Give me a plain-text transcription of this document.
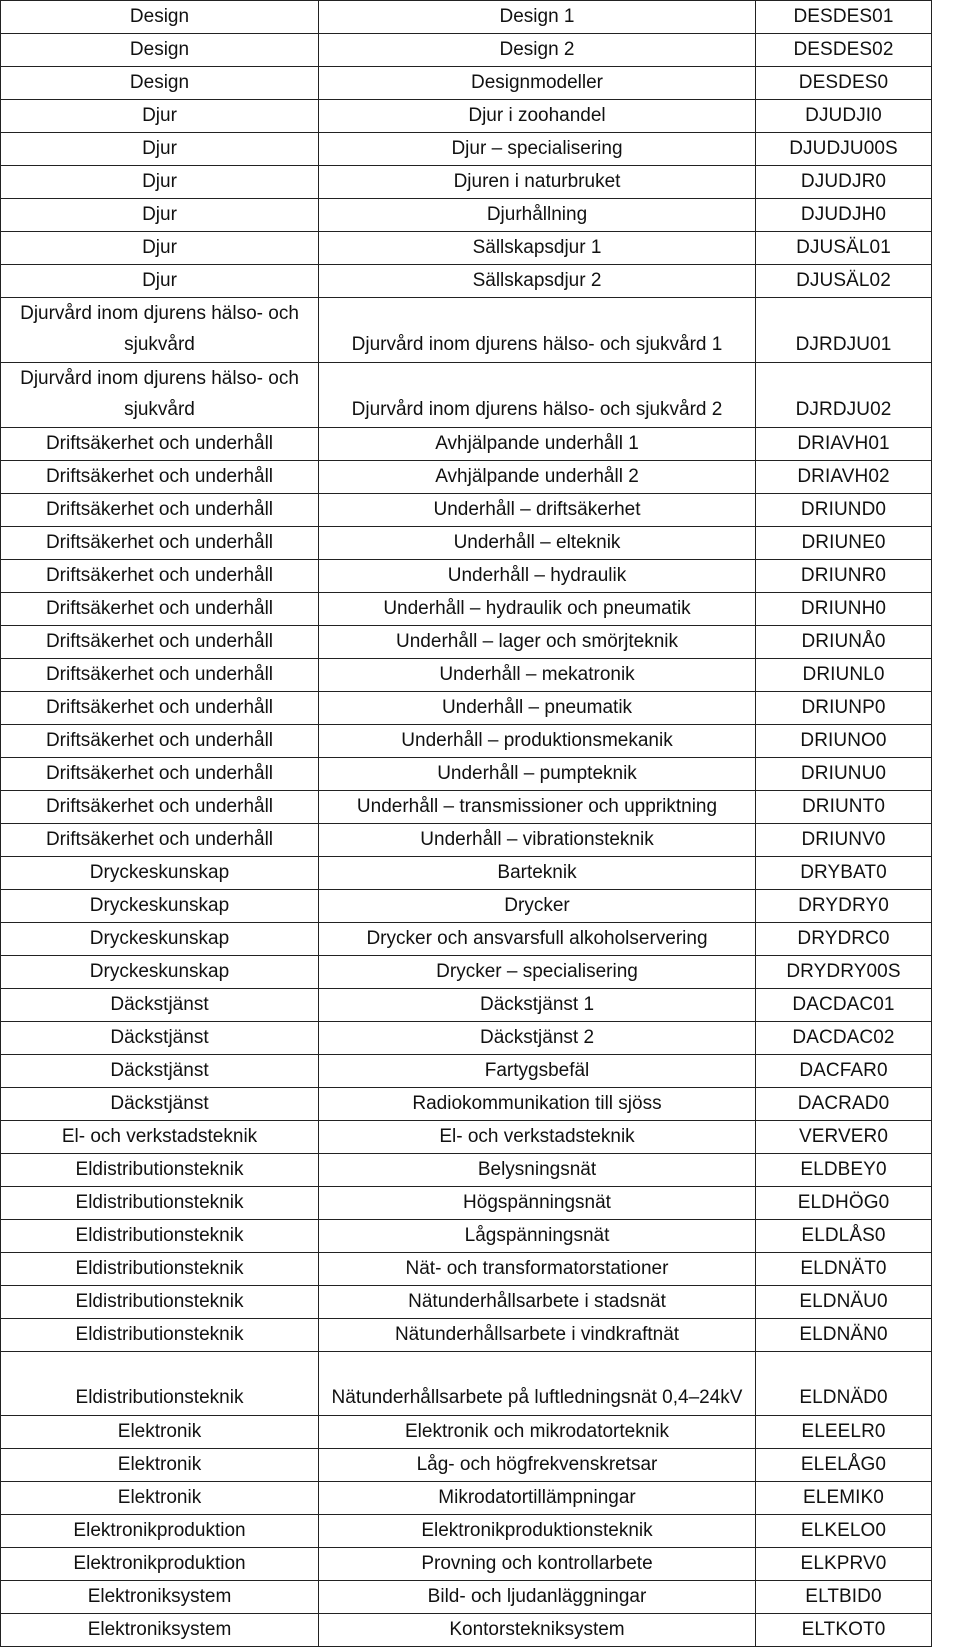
Design	Design 1	DESDES01
Design	Design 2	DESDES02
Design	Designmodeller	DESDES0
Djur	Djur i zoohandel	DJUDJI0
Djur	Djur – specialisering	DJUDJU00S
Djur	Djuren i naturbruket	DJUDJR0
Djur	Djurhållning	DJUDJH0
Djur	Sällskapsdjur 1	DJUSÄL01
Djur	Sällskapsdjur 2	DJUSÄL02
Djurvård inom djurens hälso- och sjukvård	Djurvård inom djurens hälso- och sjukvård 1	DJRDJU01
Djurvård inom djurens hälso- och sjukvård	Djurvård inom djurens hälso- och sjukvård 2	DJRDJU02
Driftsäkerhet och underhåll	Avhjälpande underhåll 1	DRIAVH01
Driftsäkerhet och underhåll	Avhjälpande underhåll 2	DRIAVH02
Driftsäkerhet och underhåll	Underhåll – driftsäkerhet	DRIUND0
Driftsäkerhet och underhåll	Underhåll – elteknik	DRIUNE0
Driftsäkerhet och underhåll	Underhåll – hydraulik	DRIUNR0
Driftsäkerhet och underhåll	Underhåll – hydraulik och pneumatik	DRIUNH0
Driftsäkerhet och underhåll	Underhåll – lager och smörjteknik	DRIUNÅ0
Driftsäkerhet och underhåll	Underhåll – mekatronik	DRIUNL0
Driftsäkerhet och underhåll	Underhåll – pneumatik	DRIUNP0
Driftsäkerhet och underhåll	Underhåll – produktionsmekanik	DRIUNO0
Driftsäkerhet och underhåll	Underhåll – pumpteknik	DRIUNU0
Driftsäkerhet och underhåll	Underhåll – transmissioner och uppriktning	DRIUNT0
Driftsäkerhet och underhåll	Underhåll – vibrationsteknik	DRIUNV0
Dryckeskunskap	Barteknik	DRYBAT0
Dryckeskunskap	Drycker	DRYDRY0
Dryckeskunskap	Drycker och ansvarsfull alkoholservering	DRYDRC0
Dryckeskunskap	Drycker – specialisering	DRYDRY00S
Däckstjänst	Däckstjänst 1	DACDAC01
Däckstjänst	Däckstjänst 2	DACDAC02
Däckstjänst	Fartygsbefäl	DACFAR0
Däckstjänst	Radiokommunikation till sjöss	DACRAD0
El- och verkstadsteknik	El- och verkstadsteknik	VERVER0
Eldistributionsteknik	Belysningsnät	ELDBEY0
Eldistributionsteknik	Högspänningsnät	ELDHÖG0
Eldistributionsteknik	Lågspänningsnät	ELDLÅS0
Eldistributionsteknik	Nät- och transformatorstationer	ELDNÄT0
Eldistributionsteknik	Nätunderhållsarbete i stadsnät	ELDNÄU0
Eldistributionsteknik	Nätunderhållsarbete i vindkraftnät	ELDNÄN0
Eldistributionsteknik	Nätunderhållsarbete på luftledningsnät 0,4–24kV	ELDNÄD0
Elektronik	Elektronik och mikrodatorteknik	ELEELR0
Elektronik	Låg- och högfrekvenskretsar	ELELÅG0
Elektronik	Mikrodatortillämpningar	ELEMIK0
Elektronikproduktion	Elektronikproduktionsteknik	ELKELO0
Elektronikproduktion	Provning och kontrollarbete	ELKPRV0
Elektroniksystem	Bild- och ljudanläggningar	ELTBID0
Elektroniksystem	Kontorstekniksystem	ELTKOT0
